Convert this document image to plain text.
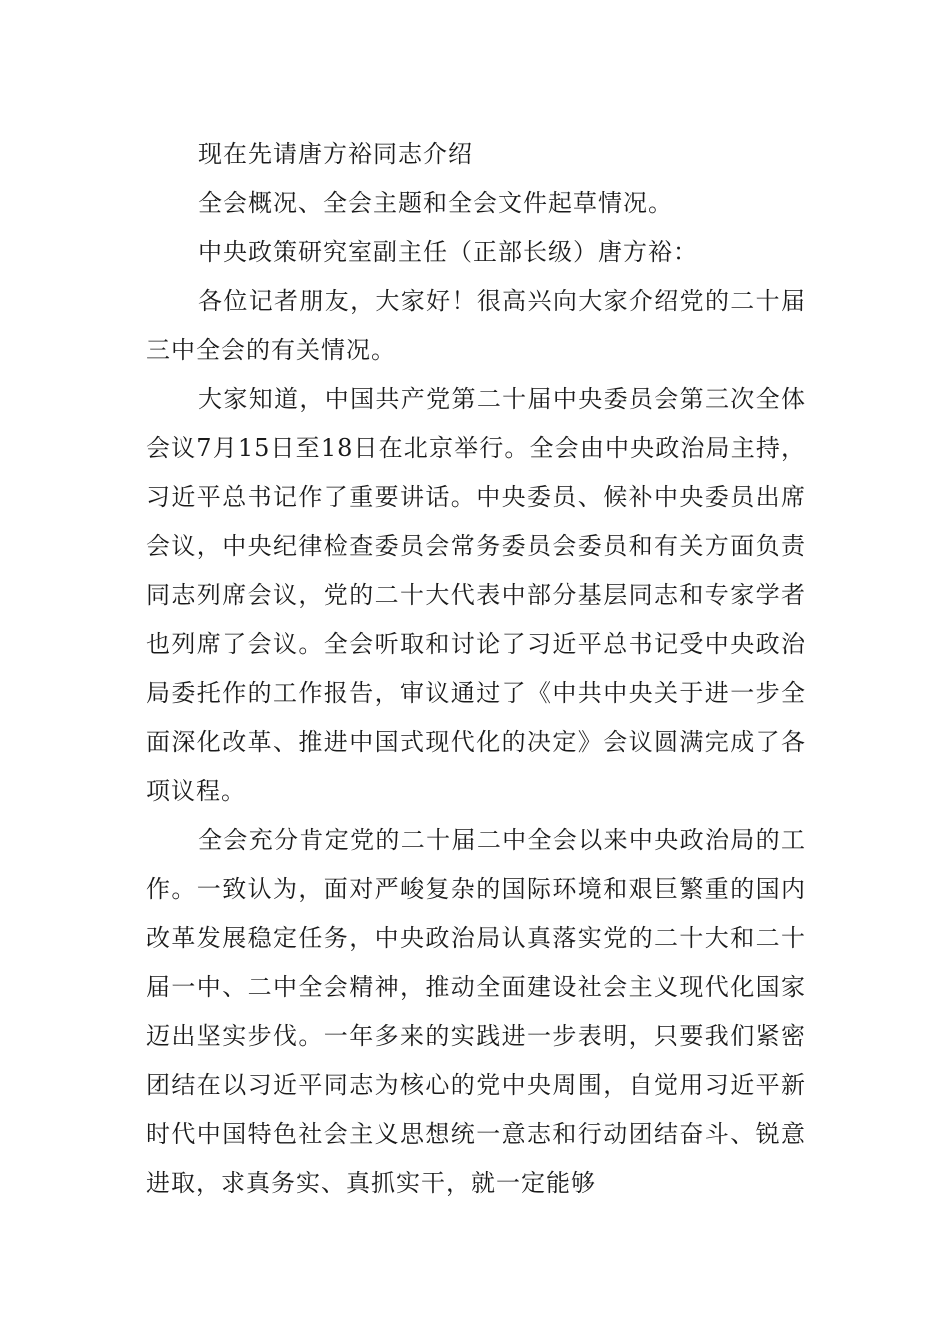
现在先请唐方裕同志介绍

全会概况、全会主题和全会文件起草情况。

中央政策研究室副主任（正部长级）唐方裕：

各位记者朋友，大家好！很高兴向大家介绍党的二十届三中全会的有关情况。

大家知道，中国共产党第二十届中央委员会第三次全体会议7月15日至18日在北京举行。全会由中央政治局主持，习近平总书记作了重要讲话。中央委员、候补中央委员出席会议，中央纪律检查委员会常务委员会委员和有关方面负责同志列席会议，党的二十大代表中部分基层同志和专家学者也列席了会议。全会听取和讨论了习近平总书记受中央政治局委托作的工作报告，审议通过了《中共中央关于进一步全面深化改革、推进中国式现代化的决定》会议圆满完成了各项议程。

全会充分肯定党的二十届二中全会以来中央政治局的工作。一致认为，面对严峻复杂的国际环境和艰巨繁重的国内改革发展稳定任务，中央政治局认真落实党的二十大和二十届一中、二中全会精神，推动全面建设社会主义现代化国家迈出坚实步伐。一年多来的实践进一步表明，只要我们紧密团结在以习近平同志为核心的党中央周围，自觉用习近平新时代中国特色社会主义思想统一意志和行动团结奋斗、锐意进取，求真务实、真抓实干，就一定能够
